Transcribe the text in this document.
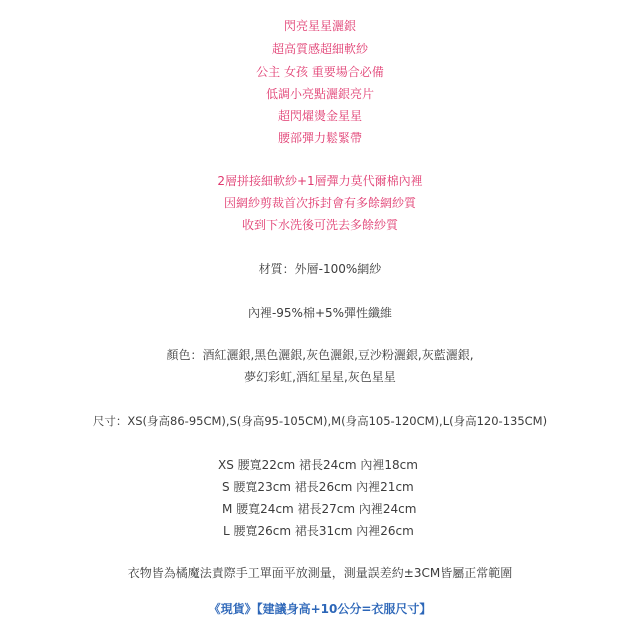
閃亮星星灑銀
超高質感超細軟紗
公主 女孩 重要場合必備
低調小亮點灑銀亮片
超閃燿燙金星星
腰部彈力鬆緊帶
2層拼接細軟紗+1層彈力莫代爾棉內裡
因網紗剪裁首次拆封會有多餘網紗質
收到下水洗後可洗去多餘紗質
材質：外層-100%網紗
內裡-95%棉+5%彈性纖維
顏色：酒紅灑銀,黑色灑銀,灰色灑銀,豆沙粉灑銀,灰藍灑銀,
夢幻彩虹,酒紅星星,灰色星星
尺寸：XS(身高86-95CM),S(身高95-105CM),M(身高105-120CM),L(身高120-135CM)
XS 腰寬22cm 裙長24cm 內裡18cm
S 腰寬23cm 裙長26cm 內裡21cm
M 腰寬24cm 裙長27cm 內裡24cm
L 腰寬26cm 裙長31cm 內裡26cm
衣物皆為橘魔法責際手工單面平放測量，測量誤差約±3CM皆屬正常範圍
《現貨》【建議身高+10公分=衣服尺寸】
